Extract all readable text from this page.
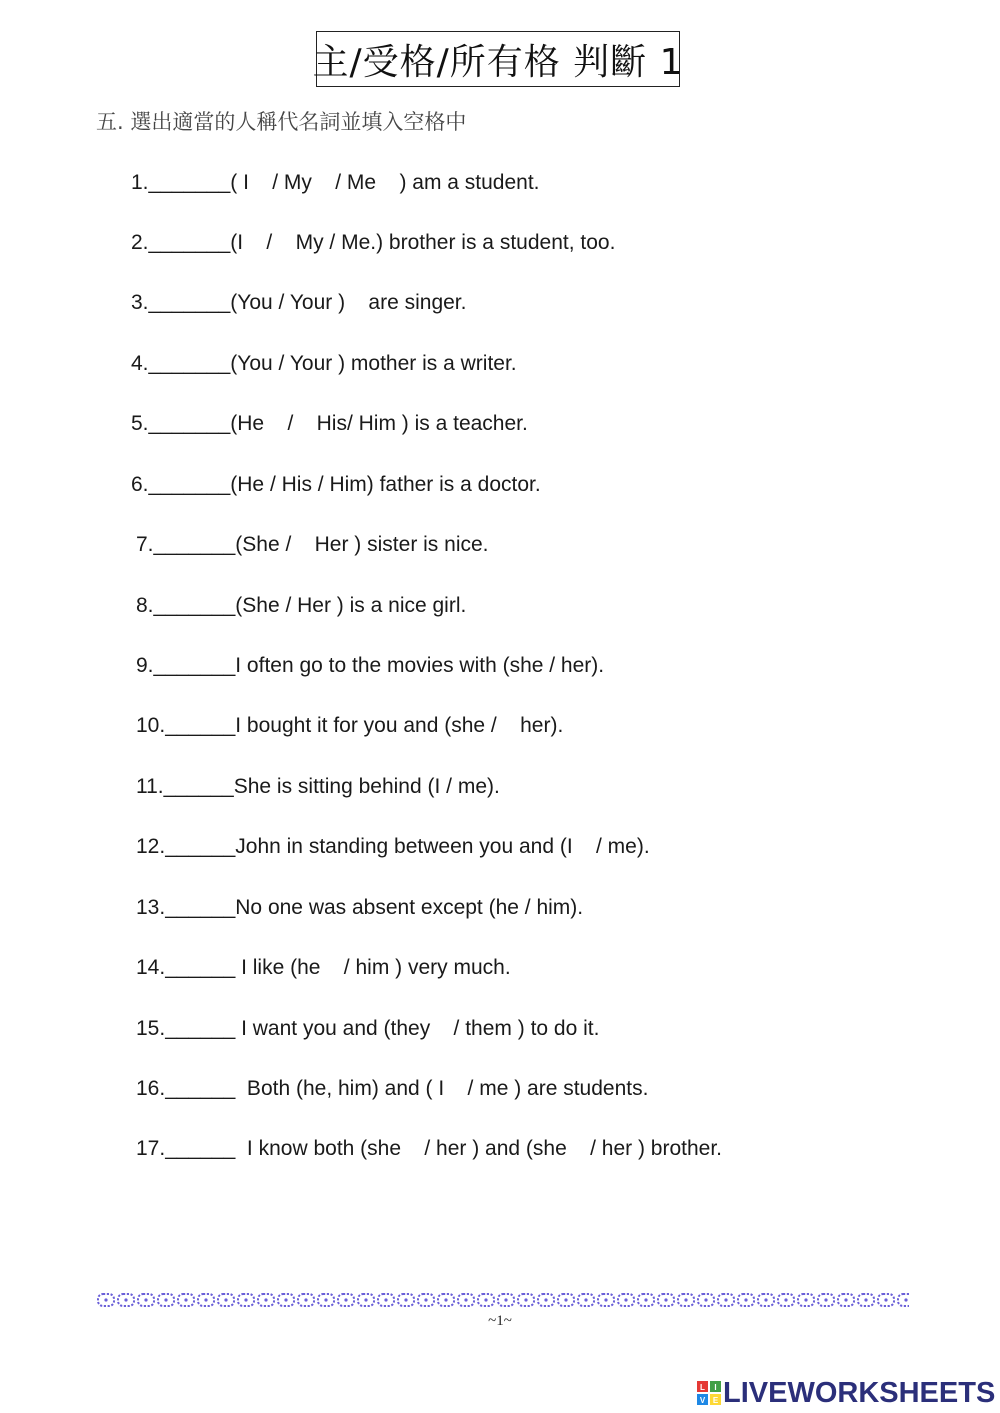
主/受格/所有格 判斷 1
五. 選出適當的人稱代名詞並填入空格中
1._______( I    / My    / Me    ) am a student.
2._______(I    /    My / Me.) brother is a student, too.
3._______(You / Your )    are singer.
4._______(You / Your ) mother is a writer.
5._______(He    /    His/ Him ) is a teacher.
6._______(He / His / Him) father is a doctor.
7._______(She /    Her ) sister is nice.
8._______(She / Her ) is a nice girl.
9._______I often go to the movies with (she / her).
10.______I bought it for you and (she /    her).
11.______She is sitting behind (I / me).
12.______John in standing between you and (I    / me).
13.______No one was absent except (he / him).
14.______ I like (he    / him ) very much.
15.______ I want you and (they    / them ) to do it.
16.______  Both (he, him) and ( I    / me ) are students.
17.______  I know both (she    / her ) and (she    / her ) brother.
~1~
L I
V E LIVEWORKSHEETS
